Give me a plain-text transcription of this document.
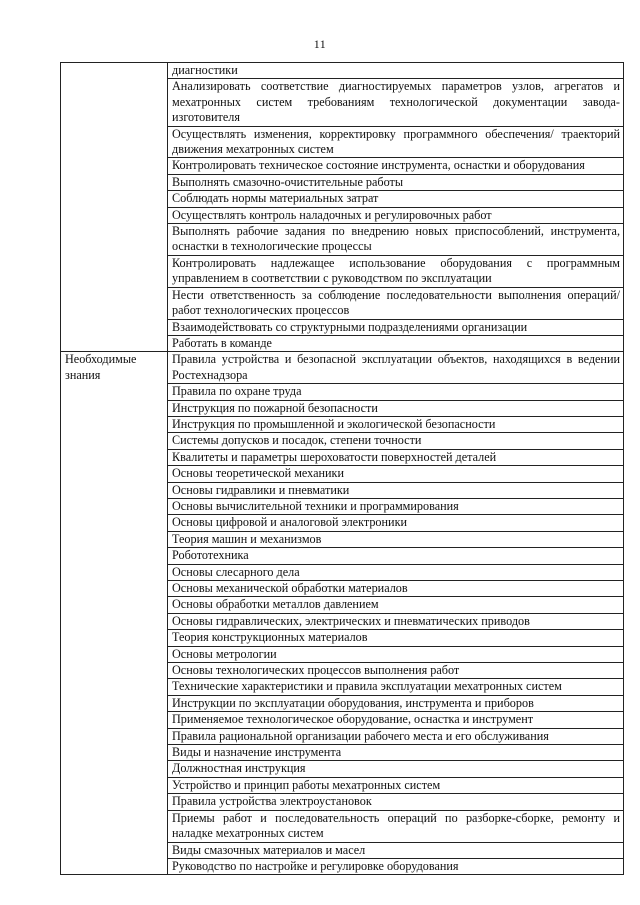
11
	диагностики
	Анализировать соответствие диагностируемых параметров узлов, агрегатов и мехатронных систем требованиям технологической документации завода-изготовителя
	Осуществлять изменения, корректировку программного обеспечения/ траекторий движения мехатронных систем
	Контролировать техническое состояние инструмента, оснастки и оборудования
	Выполнять смазочно-очистительные работы
	Соблюдать нормы материальных затрат
	Осуществлять контроль наладочных и регулировочных работ
	Выполнять рабочие задания по внедрению новых приспособлений, инструмента, оснастки в технологические процессы
	Контролировать надлежащее использование оборудования с программным управлением в соответствии с руководством по эксплуатации
	Нести ответственность за соблюдение последовательности выполнения операций/работ технологических процессов
	Взаимодействовать со структурными подразделениями организации
	Работать в команде
Необходимые знания	Правила устройства и безопасной эксплуатации объектов, находящихся в ведении Ростехнадзора
	Правила по охране труда
	Инструкция по пожарной безопасности
	Инструкция по промышленной и экологической безопасности
	Системы допусков и посадок, степени точности
	Квалитеты и параметры шероховатости поверхностей деталей
	Основы теоретической механики
	Основы гидравлики и пневматики
	Основы вычислительной техники и программирования
	Основы цифровой и аналоговой электроники
	Теория машин и механизмов
	Робототехника
	Основы слесарного дела
	Основы механической обработки материалов
	Основы обработки металлов давлением
	Основы гидравлических, электрических и пневматических приводов
	Теория конструкционных материалов
	Основы метрологии
	Основы технологических процессов выполнения работ
	Технические характеристики и правила эксплуатации мехатронных систем
	Инструкции по эксплуатации оборудования, инструмента и приборов
	Применяемое технологическое оборудование, оснастка и инструмент
	Правила рациональной организации рабочего места и его обслуживания
	Виды и назначение инструмента
	Должностная инструкция
	Устройство и принцип работы мехатронных систем
	Правила устройства электроустановок
	Приемы работ и последовательность операций по разборке-сборке, ремонту и наладке мехатронных систем
	Виды смазочных материалов и масел
	Руководство по настройке и регулировке оборудования
